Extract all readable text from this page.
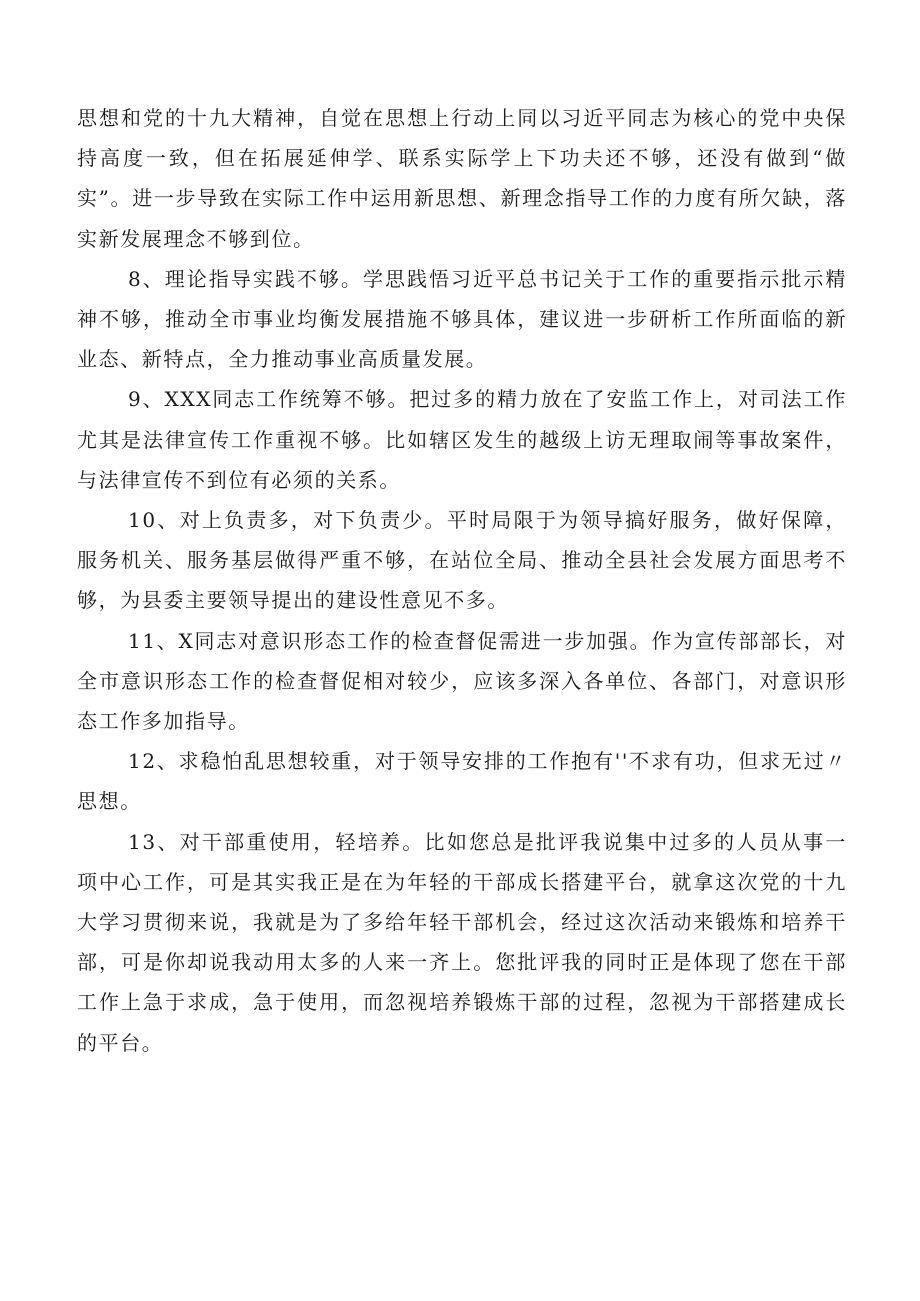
思想和党的十九大精神，自觉在思想上行动上同以习近平同志为核心的党中央保持高度一致，但在拓展延伸学、联系实际学上下功夫还不够，还没有做到“做实”。进一步导致在实际工作中运用新思想、新理念指导工作的力度有所欠缺，落实新发展理念不够到位。

8、理论指导实践不够。学思践悟习近平总书记关于工作的重要指示批示精神不够，推动全市事业均衡发展措施不够具体，建议进一步研析工作所面临的新业态、新特点，全力推动事业高质量发展。

9、XXX同志工作统筹不够。把过多的精力放在了安监工作上，对司法工作尤其是法律宣传工作重视不够。比如辖区发生的越级上访无理取闹等事故案件，与法律宣传不到位有必须的关系。

10、对上负责多，对下负责少。平时局限于为领导搞好服务，做好保障，服务机关、服务基层做得严重不够，在站位全局、推动全县社会发展方面思考不够，为县委主要领导提出的建设性意见不多。

11、X同志对意识形态工作的检查督促需进一步加强。作为宣传部部长，对全市意识形态工作的检查督促相对较少，应该多深入各单位、各部门，对意识形态工作多加指导。

12、求稳怕乱思想较重，对于领导安排的工作抱有''不求有功，但求无过〃思想。

13、对干部重使用，轻培养。比如您总是批评我说集中过多的人员从事一项中心工作，可是其实我正是在为年轻的干部成长搭建平台，就拿这次党的十九大学习贯彻来说，我就是为了多给年轻干部机会，经过这次活动来锻炼和培养干部，可是你却说我动用太多的人来一齐上。您批评我的同时正是体现了您在干部工作上急于求成，急于使用，而忽视培养锻炼干部的过程，忽视为干部搭建成长的平台。
